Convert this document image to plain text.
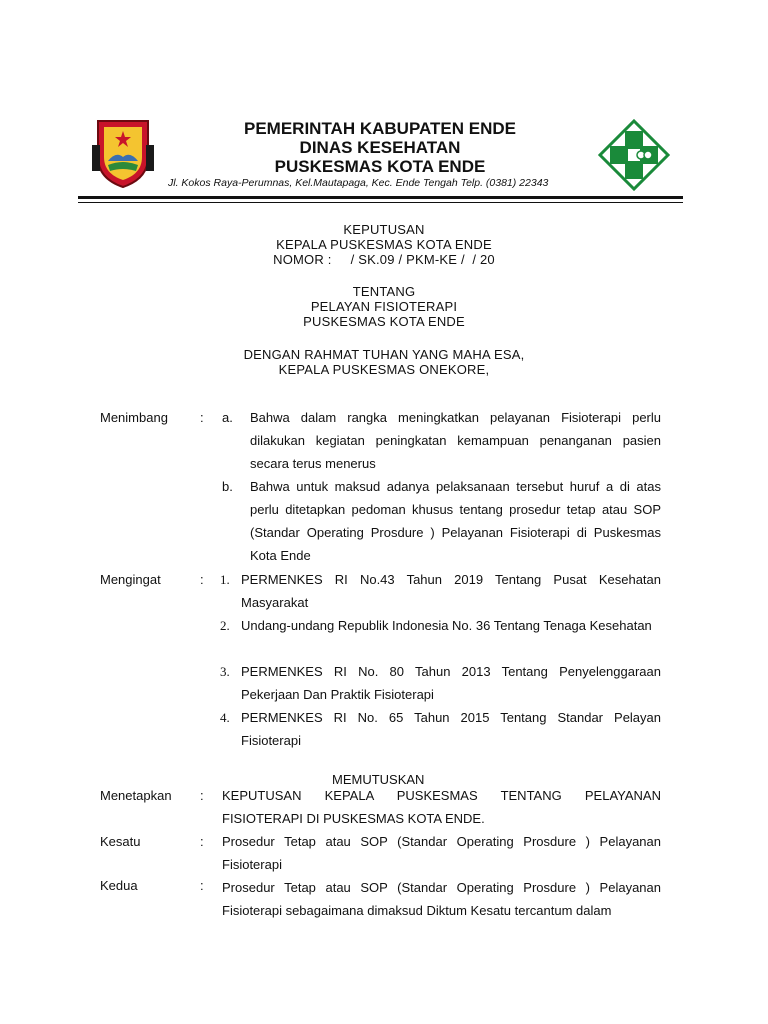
PEMERINTAH KABUPATEN ENDE
DINAS KESEHATAN
PUSKESMAS KOTA ENDE
Jl. Kokos Raya-Perumnas, Kel.Mautapaga, Kec. Ende Tengah Telp. (0381) 22343
KEPUTUSAN
KEPALA PUSKESMAS KOTA ENDE
NOMOR :     / SK.09 / PKM-KE /  / 20
TENTANG
PELAYAN FISIOTERAPI
PUSKESMAS KOTA ENDE
DENGAN RAHMAT TUHAN YANG MAHA ESA,
KEPALA PUSKESMAS ONEKORE,
Menimbang : a. Bahwa dalam rangka meningkatkan pelayanan Fisioterapi perlu dilakukan kegiatan peningkatan kemampuan penanganan pasien secara terus menerus
b. Bahwa untuk maksud adanya pelaksanaan tersebut huruf a di atas perlu ditetapkan pedoman khusus tentang prosedur tetap atau SOP (Standar Operating Prosdure ) Pelayanan Fisioterapi di Puskesmas Kota Ende
Mengingat	: 1. PERMENKES RI No.43 Tahun 2019 Tentang Pusat Kesehatan Masyarakat
2. Undang-undang Republik Indonesia No. 36 Tentang Tenaga Kesehatan
3. PERMENKES RI No. 80 Tahun 2013 Tentang Penyelenggaraan Pekerjaan Dan Praktik Fisioterapi
4. PERMENKES RI No. 65 Tahun 2015 Tentang Standar Pelayan Fisioterapi
MEMUTUSKAN
Menetapkan : KEPUTUSAN KEPALA PUSKESMAS TENTANG PELAYANAN FISIOTERAPI DI PUSKESMAS KOTA ENDE.
Kesatu	: Prosedur Tetap atau SOP (Standar Operating Prosdure ) Pelayanan Fisioterapi
Kedua	: Prosedur Tetap atau SOP (Standar Operating Prosdure ) Pelayanan Fisioterapi sebagaimana dimaksud Diktum Kesatu tercantum dalam
